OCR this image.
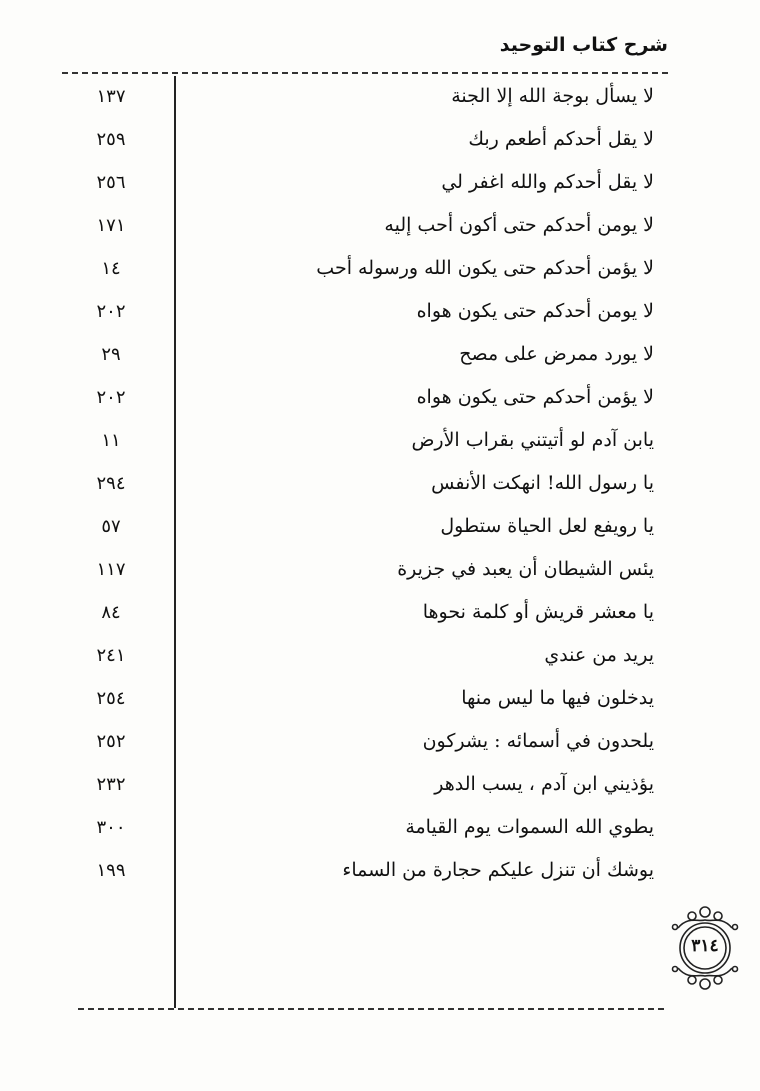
شرح كتاب التوحيد
لا يسأل بوجة الله إلا الجنة
١٣٧
لا يقل أحدكم أطعم ربك
٢٥٩
لا يقل أحدكم والله اغفر لي
٢٥٦
لا يومن أحدكم حتى أكون أحب إليه
١٧١
لا يؤمن أحدكم حتى يكون الله ورسوله أحب
١٤
لا يومن أحدكم حتى يكون هواه
٢٠٢
لا يورد ممرض على مصح
٢٩
لا يؤمن أحدكم حتى يكون هواه
٢٠٢
يابن آدم لو أتيتني بقراب الأرض
١١
يا رسول الله! انهكت الأنفس
٢٩٤
يا رويفع لعل الحياة ستطول
٥٧
يئس الشيطان أن يعبد في جزيرة
١١٧
يا معشر قريش أو كلمة نحوها
٨٤
يريد من عندي
٢٤١
يدخلون فيها ما ليس منها
٢٥٤
يلحدون في أسمائه : يشركون
٢٥٢
يؤذيني ابن آدم ، يسب الدهر
٢٣٢
يطوي الله السموات يوم القيامة
٣٠٠
يوشك أن تنزل عليكم حجارة من السماء
١٩٩
٣١٤
